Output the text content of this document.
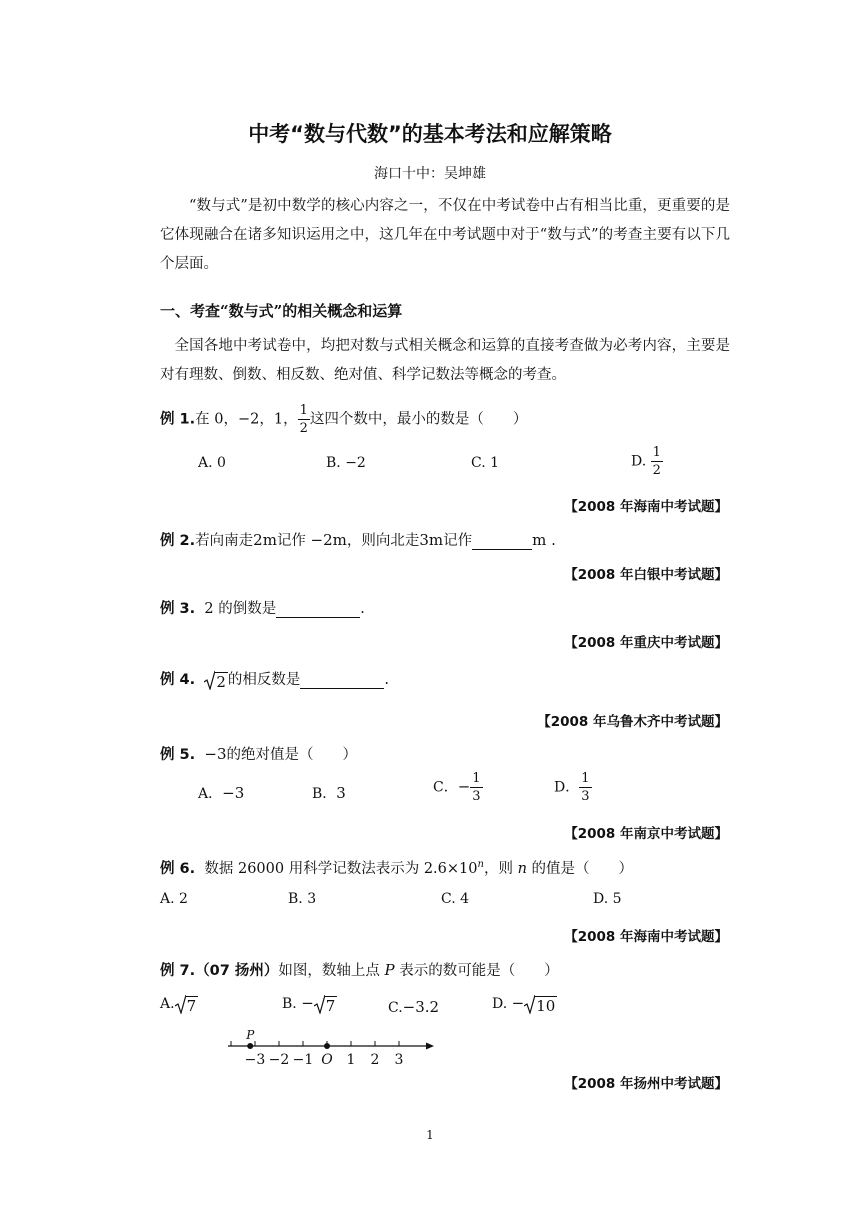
中考“数与代数”的基本考法和应解策略
海口十中：吴坤雄
“数与式”是初中数学的核心内容之一，不仅在中考试卷中占有相当比重，更重要的是它体现融合在诸多知识运用之中，这几年在中考试题中对于“数与式”的考查主要有以下几个层面。
一、考查“数与式”的相关概念和运算
全国各地中考试卷中，均把对数与式相关概念和运算的直接考查做为必考内容，主要是对有理数、倒数、相反数、绝对值、科学记数法等概念的考查。
例 1.在 0，−2，1， $\frac{1}{2}$ 这四个数中，最小的数是（　　）
A. 0	B. −2	C. 1	D. $\frac{1}{2}$
【2008 年海南中考试题】
例 2.若向南走2m记作 −2m，则向北走3m记作	m .
【2008 年白银中考试题】
例 3. 2 的倒数是	.
【2008 年重庆中考试题】
例 4. 2 的相反数是	.
【2008 年乌鲁木齐中考试题】
例 5. −3的绝对值是（　　）
A．−3	B．3	C．− $\frac{1}{3}$	D． $\frac{1}{3}$
【2008 年南京中考试题】
例 6. 数据 26000 用科学记数法表示为 $2.6\times 10^n$，则 n 的值是（　　）
A. 2	B. 3	C. 4	D. 5
【2008 年海南中考试题】
例 7.（07 扬州）如图，数轴上点 P 表示的数可能是（　　）
A. 7	B. − 7	C.−3.2	D. − 10
−3 −2 −1 O 1 2 3
P
【2008 年扬州中考试题】
1
